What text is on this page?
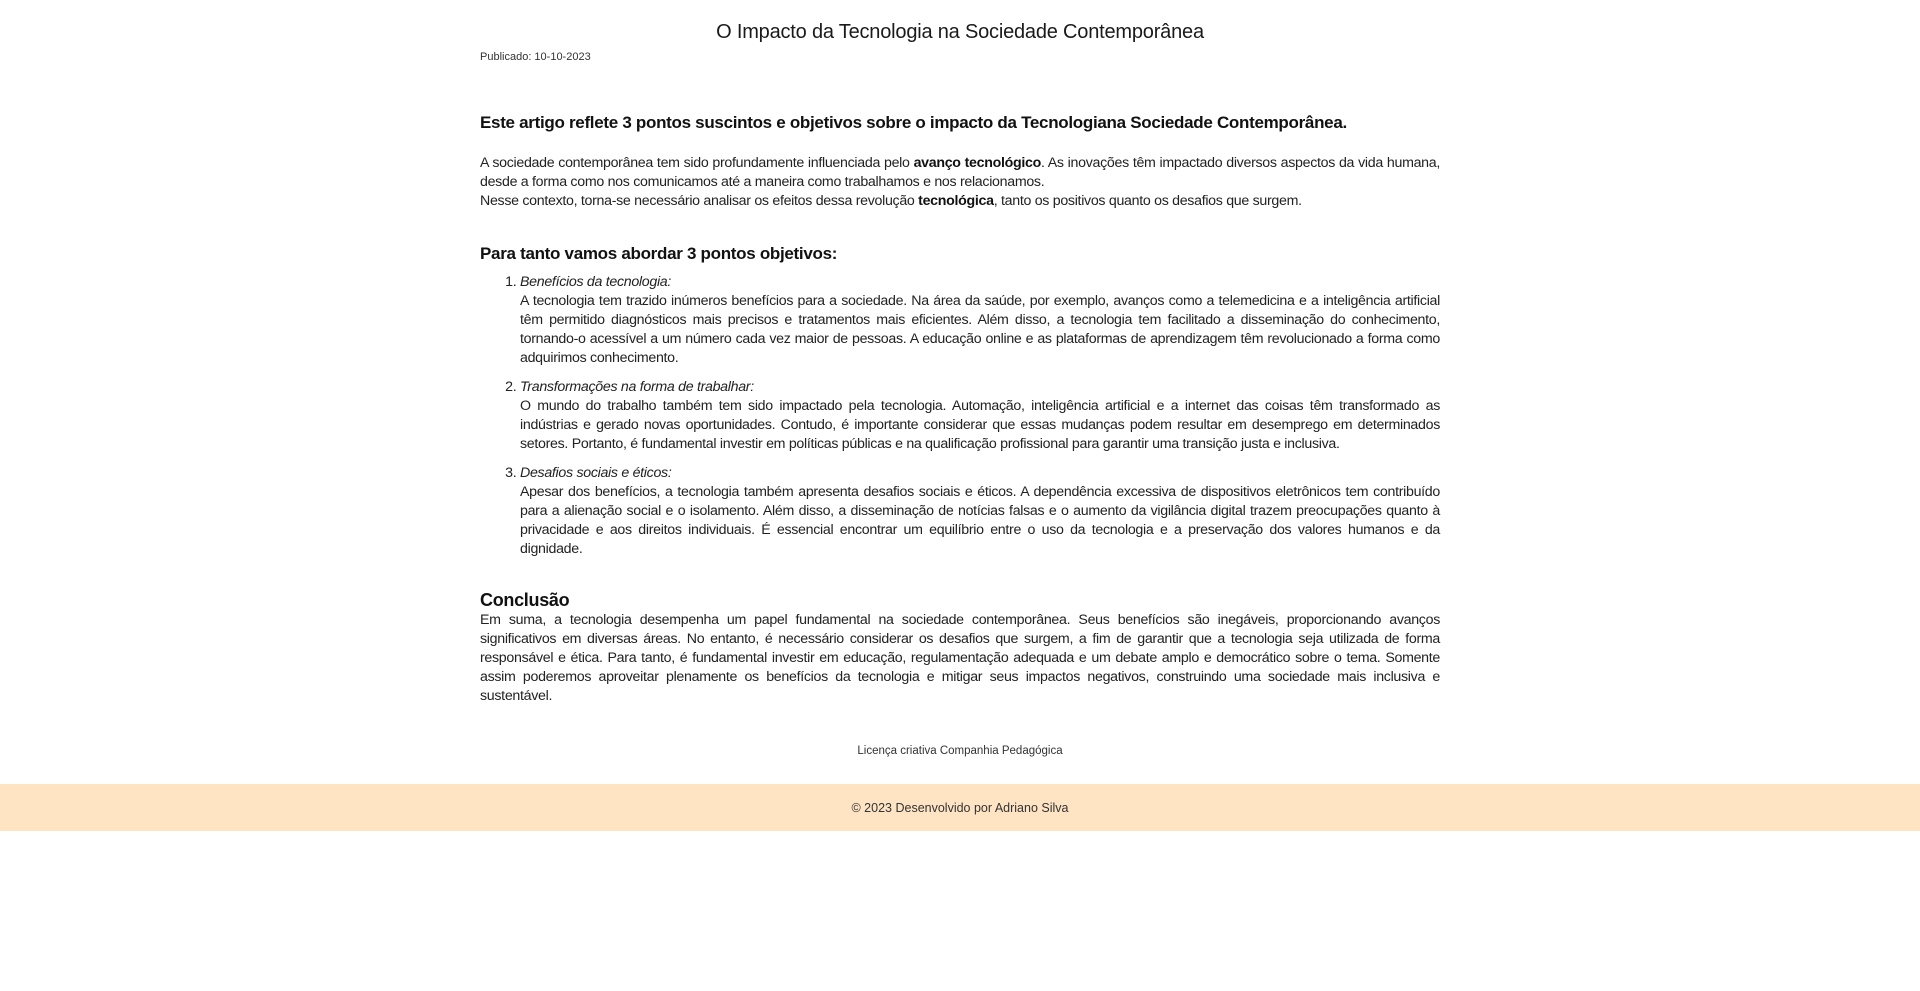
O Impacto da Tecnologia na Sociedade Contemporânea

Publicado: 10-10-2023

Este artigo reflete 3 pontos suscintos e objetivos sobre o impacto da Tecnologiana Sociedade Contemporânea.

A sociedade contemporânea tem sido profundamente influenciada pelo avanço tecnológico. As inovações têm impactado diversos aspectos da vida humana, desde a forma como nos comunicamos até a maneira como trabalhamos e nos relacionamos.
Nesse contexto, torna-se necessário analisar os efeitos dessa revolução tecnológica, tanto os positivos quanto os desafios que surgem.

Para tanto vamos abordar 3 pontos objetivos:
1. Benefícios da tecnologia:
A tecnologia tem trazido inúmeros benefícios para a sociedade. Na área da saúde, por exemplo, avanços como a telemedicina e a inteligência artificial têm permitido diagnósticos mais precisos e tratamentos mais eficientes. Além disso, a tecnologia tem facilitado a disseminação do conhecimento, tornando-o acessível a um número cada vez maior de pessoas. A educação online e as plataformas de aprendizagem têm revolucionado a forma como adquirimos conhecimento.
2. Transformações na forma de trabalhar:
O mundo do trabalho também tem sido impactado pela tecnologia. Automação, inteligência artificial e a internet das coisas têm transformado as indústrias e gerado novas oportunidades. Contudo, é importante considerar que essas mudanças podem resultar em desemprego em determinados setores. Portanto, é fundamental investir em políticas públicas e na qualificação profissional para garantir uma transição justa e inclusiva.
3. Desafios sociais e éticos:
Apesar dos benefícios, a tecnologia também apresenta desafios sociais e éticos. A dependência excessiva de dispositivos eletrônicos tem contribuído para a alienação social e o isolamento. Além disso, a disseminação de notícias falsas e o aumento da vigilância digital trazem preocupações quanto à privacidade e aos direitos individuais. É essencial encontrar um equilíbrio entre o uso da tecnologia e a preservação dos valores humanos e da dignidade.
Conclusão

Em suma, a tecnologia desempenha um papel fundamental na sociedade contemporânea. Seus benefícios são inegáveis, proporcionando avanços significativos em diversas áreas. No entanto, é necessário considerar os desafios que surgem, a fim de garantir que a tecnologia seja utilizada de forma responsável e ética. Para tanto, é fundamental investir em educação, regulamentação adequada e um debate amplo e democrático sobre o tema. Somente assim poderemos aproveitar plenamente os benefícios da tecnologia e mitigar seus impactos negativos, construindo uma sociedade mais inclusiva e sustentável.

Licença criativa Companhia Pedagógica

© 2023 Desenvolvido por Adriano Silva
